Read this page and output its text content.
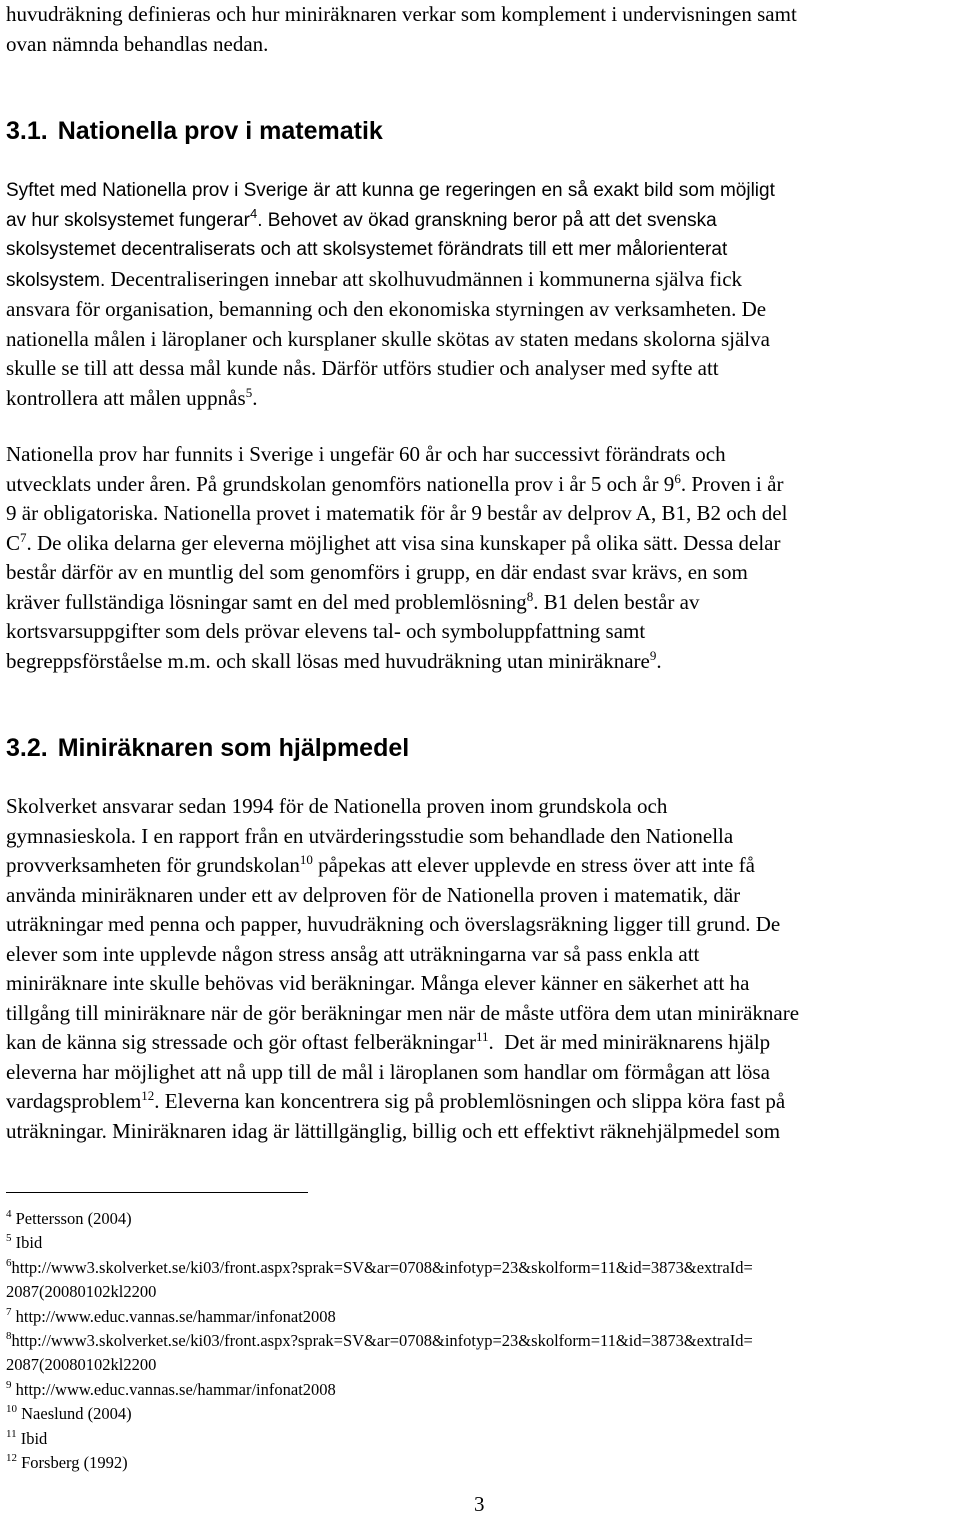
huvudräkning definieras och hur miniräknaren verkar som komplement i undervisningen samt
ovan nämnda behandlas nedan.
3.1. Nationella prov i matematik
Syftet med Nationella prov i Sverige är att kunna ge regeringen en så exakt bild som möjligt
av hur skolsystemet fungerar$^4$. Behovet av ökad granskning beror på att det svenska
skolsystemet decentraliserats och att skolsystemet förändrats till ett mer målorienterat
skolsystem. Decentraliseringen innebar att skolhuvudmännen i kommunerna själva fick
ansvara för organisation, bemanning och den ekonomiska styrningen av verksamheten. De
nationella målen i läroplaner och kursplaner skulle skötas av staten medans skolorna själva
skulle se till att dessa mål kunde nås. Därför utförs studier och analyser med syfte att
kontrollera att målen uppnås$^5$.
Nationella prov har funnits i Sverige i ungefär 60 år och har successivt förändrats och
utvecklats under åren. På grundskolan genomförs nationella prov i år 5 och år $9^6$. Proven i år
9 är obligatoriska. Nationella provet i matematik för år 9 består av delprov A, B1, B2 och del
$C^7$. De olika delarna ger eleverna möjlighet att visa sina kunskaper på olika sätt. Dessa delar
består därför av en muntlig del som genomförs i grupp, en där endast svar krävs, en som
kräver fullständiga lösningar samt en del med problemlösning$^8$. B1 delen består av
kortsvarsuppgifter som dels prövar elevens tal- och symboluppfattning samt
begreppsförståelse m.m. och skall lösas med huvudräkning utan miniräknare$^9$.
3.2. Miniräknaren som hjälpmedel
Skolverket ansvarar sedan 1994 för de Nationella proven inom grundskola och
gymnasieskola. I en rapport från en utvärderingsstudie som behandlade den Nationella
provverksamheten för grundskolan$^{10}$ påpekas att elever upplevde en stress över att inte få
använda miniräknaren under ett av delproven för de Nationella proven i matematik, där
uträkningar med penna och papper, huvudräkning och överslagsräkning ligger till grund. De
elever som inte upplevde någon stress ansåg att uträkningarna var så pass enkla att
miniräknare inte skulle behövas vid beräkningar. Många elever känner en säkerhet att ha
tillgång till miniräknare när de gör beräkningar men när de måste utföra dem utan miniräknare
kan de känna sig stressade och gör oftast felberäkningar$^{11}$.  Det är med miniräknarens hjälp
eleverna har möjlighet att nå upp till de mål i läroplanen som handlar om förmågan att lösa
vardagsproblem$^{12}$. Eleverna kan koncentrera sig på problemlösningen och slippa köra fast på
uträkningar. Miniräknaren idag är lättillgänglig, billig och ett effektivt räknehjälpmedel som
$^4$ Pettersson (2004)
$^5$ Ibid
$^6$http://www3.skolverket.se/ki03/front.aspx?sprak=SV&ar=0708&infotyp=23&skolform=11&id=3873&extraId=
2087(20080102kl2200
$^7$ http://www.educ.vannas.se/hammar/infonat2008
$^8$http://www3.skolverket.se/ki03/front.aspx?sprak=SV&ar=0708&infotyp=23&skolform=11&id=3873&extraId=
2087(20080102kl2200
$^9$ http://www.educ.vannas.se/hammar/infonat2008
$^{10}$ Naeslund (2004)
$^{11}$ Ibid
$^{12}$ Forsberg (1992)
3
